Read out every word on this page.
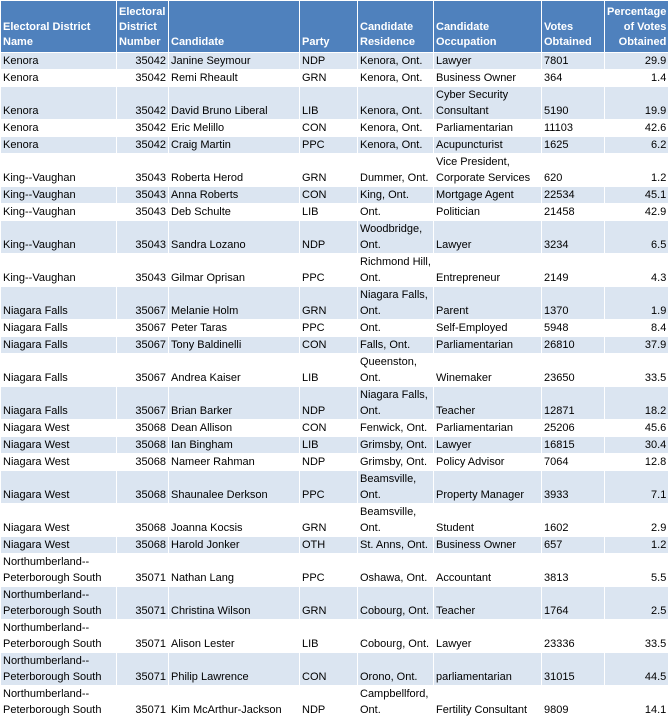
Electoral District Name	Electoral District Number	Candidate	Party	Candidate Residence	Candidate Occupation	Votes Obtained	Percentage of Votes Obtained
Kenora	35042	Janine Seymour	NDP	Kenora, Ont.	Lawyer	7801	29.9
Kenora	35042	Remi Rheault	GRN	Kenora, Ont.	Business Owner	364	1.4
Kenora	35042	David Bruno Liberal	LIB	Kenora, Ont.	Cyber Security Consultant	5190	19.9
Kenora	35042	Eric Melillo	CON	Kenora, Ont.	Parliamentarian	11103	42.6
Kenora	35042	Craig Martin	PPC	Kenora, Ont.	Acupuncturist	1625	6.2
King--Vaughan	35043	Roberta Herod	GRN	Dummer, Ont.	Vice President, Corporate Services	620	1.2
King--Vaughan	35043	Anna Roberts	CON	King, Ont.	Mortgage Agent	22534	45.1
King--Vaughan	35043	Deb Schulte	LIB	Ont.	Politician	21458	42.9
King--Vaughan	35043	Sandra Lozano	NDP	Woodbridge, Ont.	Lawyer	3234	6.5
King--Vaughan	35043	Gilmar Oprisan	PPC	Richmond Hill, Ont.	Entrepreneur	2149	4.3
Niagara Falls	35067	Melanie Holm	GRN	Niagara Falls, Ont.	Parent	1370	1.9
Niagara Falls	35067	Peter Taras	PPC	Ont.	Self-Employed	5948	8.4
Niagara Falls	35067	Tony Baldinelli	CON	Falls, Ont.	Parliamentarian	26810	37.9
Niagara Falls	35067	Andrea Kaiser	LIB	Queenston, Ont.	Winemaker	23650	33.5
Niagara Falls	35067	Brian Barker	NDP	Niagara Falls, Ont.	Teacher	12871	18.2
Niagara West	35068	Dean Allison	CON	Fenwick, Ont.	Parliamentarian	25206	45.6
Niagara West	35068	Ian Bingham	LIB	Grimsby, Ont.	Lawyer	16815	30.4
Niagara West	35068	Nameer Rahman	NDP	Grimsby, Ont.	Policy Advisor	7064	12.8
Niagara West	35068	Shaunalee Derkson	PPC	Beamsville, Ont.	Property Manager	3933	7.1
Niagara West	35068	Joanna Kocsis	GRN	Beamsville, Ont.	Student	1602	2.9
Niagara West	35068	Harold Jonker	OTH	St. Anns, Ont.	Business Owner	657	1.2
Northumberland--Peterborough South	35071	Nathan Lang	PPC	Oshawa, Ont.	Accountant	3813	5.5
Northumberland--Peterborough South	35071	Christina Wilson	GRN	Cobourg, Ont.	Teacher	1764	2.5
Northumberland--Peterborough South	35071	Alison Lester	LIB	Cobourg, Ont.	Lawyer	23336	33.5
Northumberland--Peterborough South	35071	Philip Lawrence	CON	Orono, Ont.	parliamentarian	31015	44.5
Northumberland--Peterborough South	35071	Kim McArthur-Jackson	NDP	Campbellford, Ont.	Fertility Consultant	9809	14.1
